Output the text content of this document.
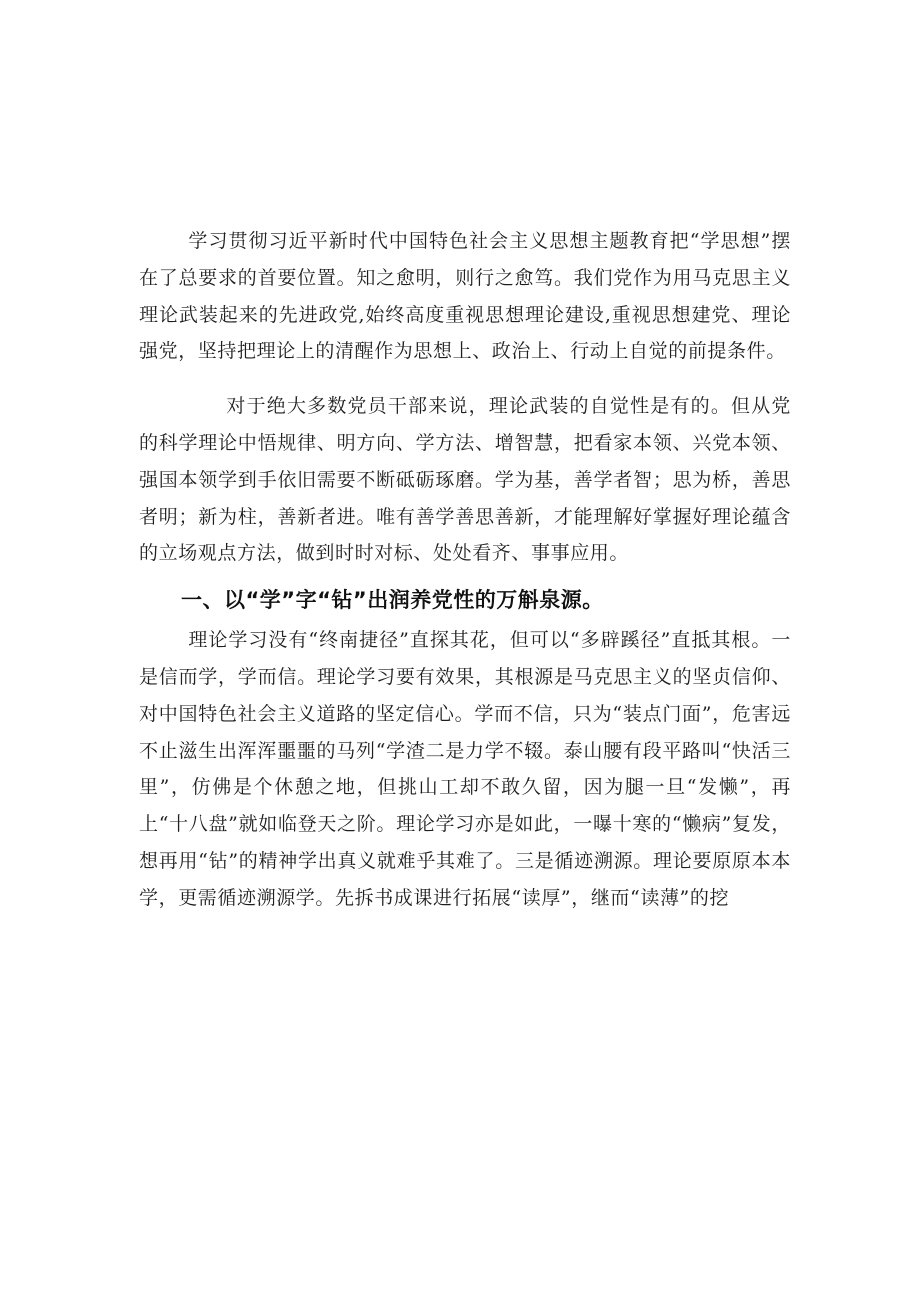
学习贯彻习近平新时代中国特色社会主义思想主题教育把“学思想”摆在了总要求的首要位置。知之愈明，则行之愈笃。我们党作为用马克思主义理论武装起来的先进政党,始终高度重视思想理论建设,重视思想建党、理论强党，坚持把理论上的清醒作为思想上、政治上、行动上自觉的前提条件。

对于绝大多数党员干部来说，理论武装的自觉性是有的。但从党的科学理论中悟规律、明方向、学方法、增智慧，把看家本领、兴党本领、强国本领学到手依旧需要不断砥砺琢磨。学为基，善学者智；思为桥，善思者明；新为柱，善新者进。唯有善学善思善新，才能理解好掌握好理论蕴含的立场观点方法，做到时时对标、处处看齐、事事应用。

一、以“学”字“钻”出润养党性的万斛泉源。

理论学习没有“终南捷径”直探其花，但可以“多辟蹊径”直抵其根。一是信而学，学而信。理论学习要有效果，其根源是马克思主义的坚贞信仰、对中国特色社会主义道路的坚定信心。学而不信，只为“装点门面”，危害远不止滋生出浑浑噩噩的马列“学渣二是力学不辍。泰山腰有段平路叫“快活三里”，仿佛是个休憩之地，但挑山工却不敢久留，因为腿一旦“发懒”，再上“十八盘”就如临登天之阶。理论学习亦是如此，一曝十寒的“懒病”复发，想再用“钻”的精神学出真义就难乎其难了。三是循迹溯源。理论要原原本本学，更需循迹溯源学。先拆书成课进行拓展“读厚”，继而“读薄”的挖
